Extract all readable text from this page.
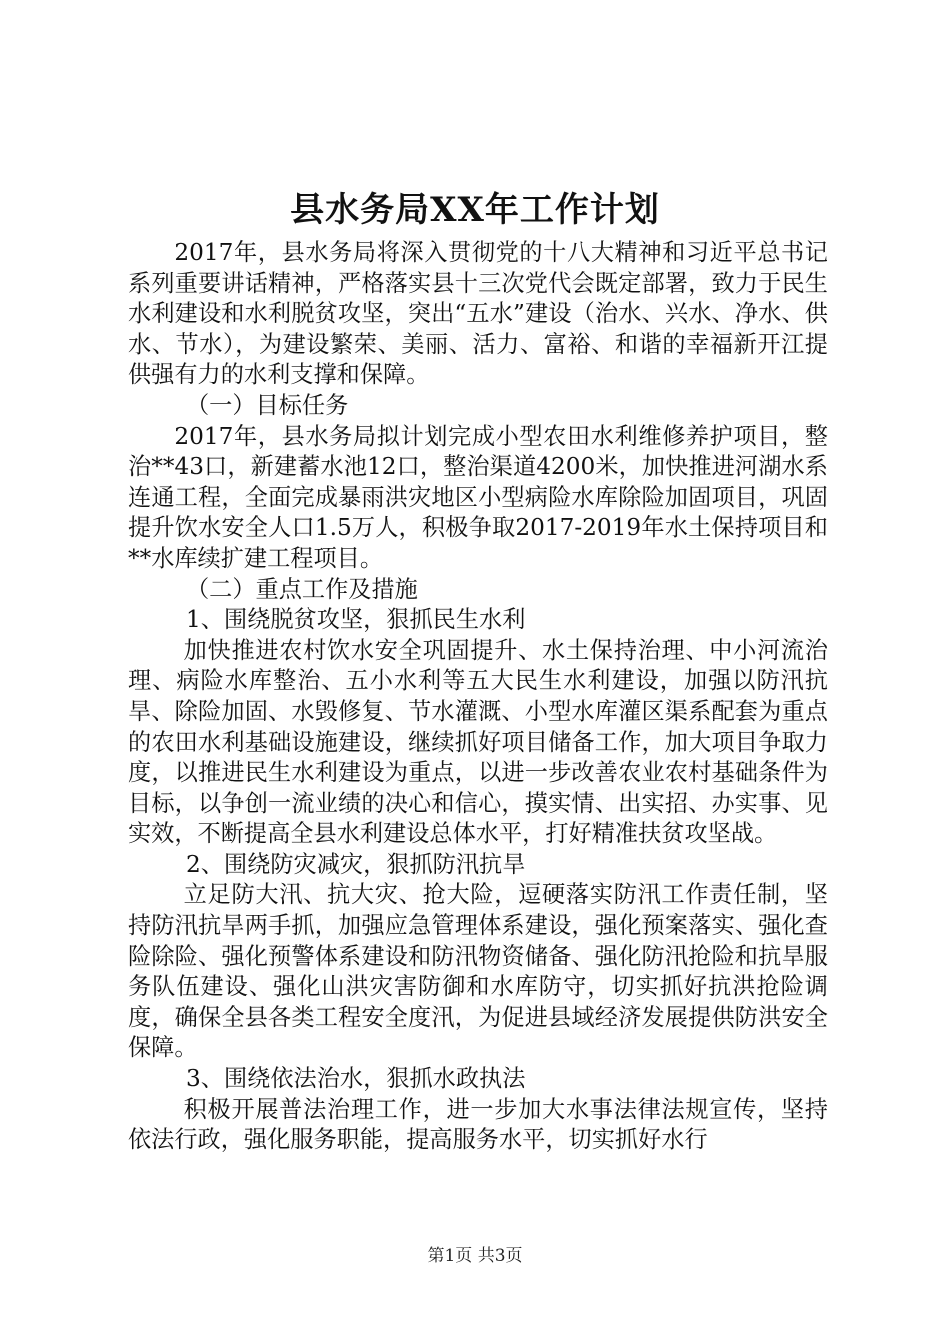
县水务局XX年工作计划

2017年，县水务局将深入贯彻党的十八大精神和习近平总书记系列重要讲话精神，严格落实县十三次党代会既定部署，致力于民生水利建设和水利脱贫攻坚，突出“五水”建设（治水、兴水、净水、供水、节水），为建设繁荣、美丽、活力、富裕、和谐的幸福新开江提供强有力的水利支撑和保障。

（一）目标任务

2017年，县水务局拟计划完成小型农田水利维修养护项目，整治**43口，新建蓄水池12口，整治渠道4200米，加快推进河湖水系连通工程，全面完成暴雨洪灾地区小型病险水库除险加固项目，巩固提升饮水安全人口1.5万人，积极争取2017-2019年水土保持项目和**水库续扩建工程项目。

（二）重点工作及措施

1、围绕脱贫攻坚，狠抓民生水利

加快推进农村饮水安全巩固提升、水土保持治理、中小河流治理、病险水库整治、五小水利等五大民生水利建设，加强以防汛抗旱、除险加固、水毁修复、节水灌溉、小型水库灌区渠系配套为重点的农田水利基础设施建设，继续抓好项目储备工作，加大项目争取力度，以推进民生水利建设为重点，以进一步改善农业农村基础条件为目标，以争创一流业绩的决心和信心，摸实情、出实招、办实事、见实效，不断提高全县水利建设总体水平，打好精准扶贫攻坚战。

2、围绕防灾减灾，狠抓防汛抗旱

立足防大汛、抗大灾、抢大险，逗硬落实防汛工作责任制，坚持防汛抗旱两手抓，加强应急管理体系建设，强化预案落实、强化查险除险、强化预警体系建设和防汛物资储备、强化防汛抢险和抗旱服务队伍建设、强化山洪灾害防御和水库防守，切实抓好抗洪抢险调度，确保全县各类工程安全度汛，为促进县域经济发展提供防洪安全保障。

3、围绕依法治水，狠抓水政执法

积极开展普法治理工作，进一步加大水事法律法规宣传，坚持依法行政，强化服务职能，提高服务水平，切实抓好水行

第1页 共3页
